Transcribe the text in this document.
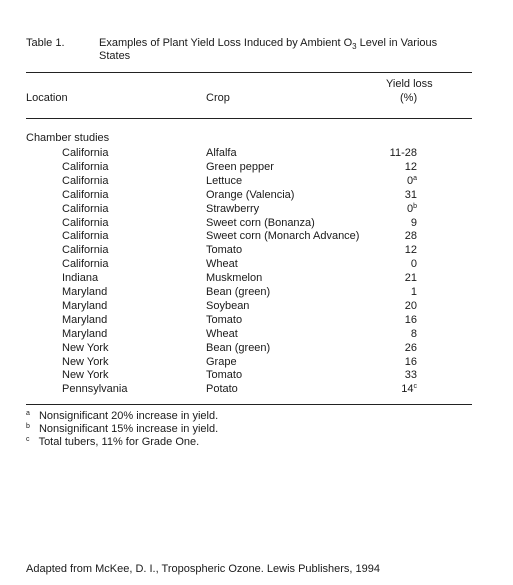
Table 1.	Examples of Plant Yield Loss Induced by Ambient $O_3$ Level in Various
States
Yield loss
Location	Crop	(%)
Chamber studies
California	Alfalfa	11-28
California	Green pepper	12
California	Lettuce	0$^a$
California	Orange (Valencia)	31
California	Strawberry	0$^b$
California	Sweet corn (Bonanza)	9
California	Sweet corn (Monarch Advance)	28
California	Tomato	12
California	Wheat	0
Indiana	Muskmelon	21
Maryland	Bean (green)	1
Maryland	Soybean	20
Maryland	Tomato	16
Maryland	Wheat	8
New York	Bean (green)	26
New York	Grape	16
New York	Tomato	33
Pennsylvania	Potato	14$^c$
$^a$ Nonsignificant 20% increase in yield.
$^b$ Nonsignificant 15% increase in yield.
$^c$ Total tubers, 11% for Grade One.
Adapted from McKee, D. I., Tropospheric Ozone. Lewis Publishers, 1994
